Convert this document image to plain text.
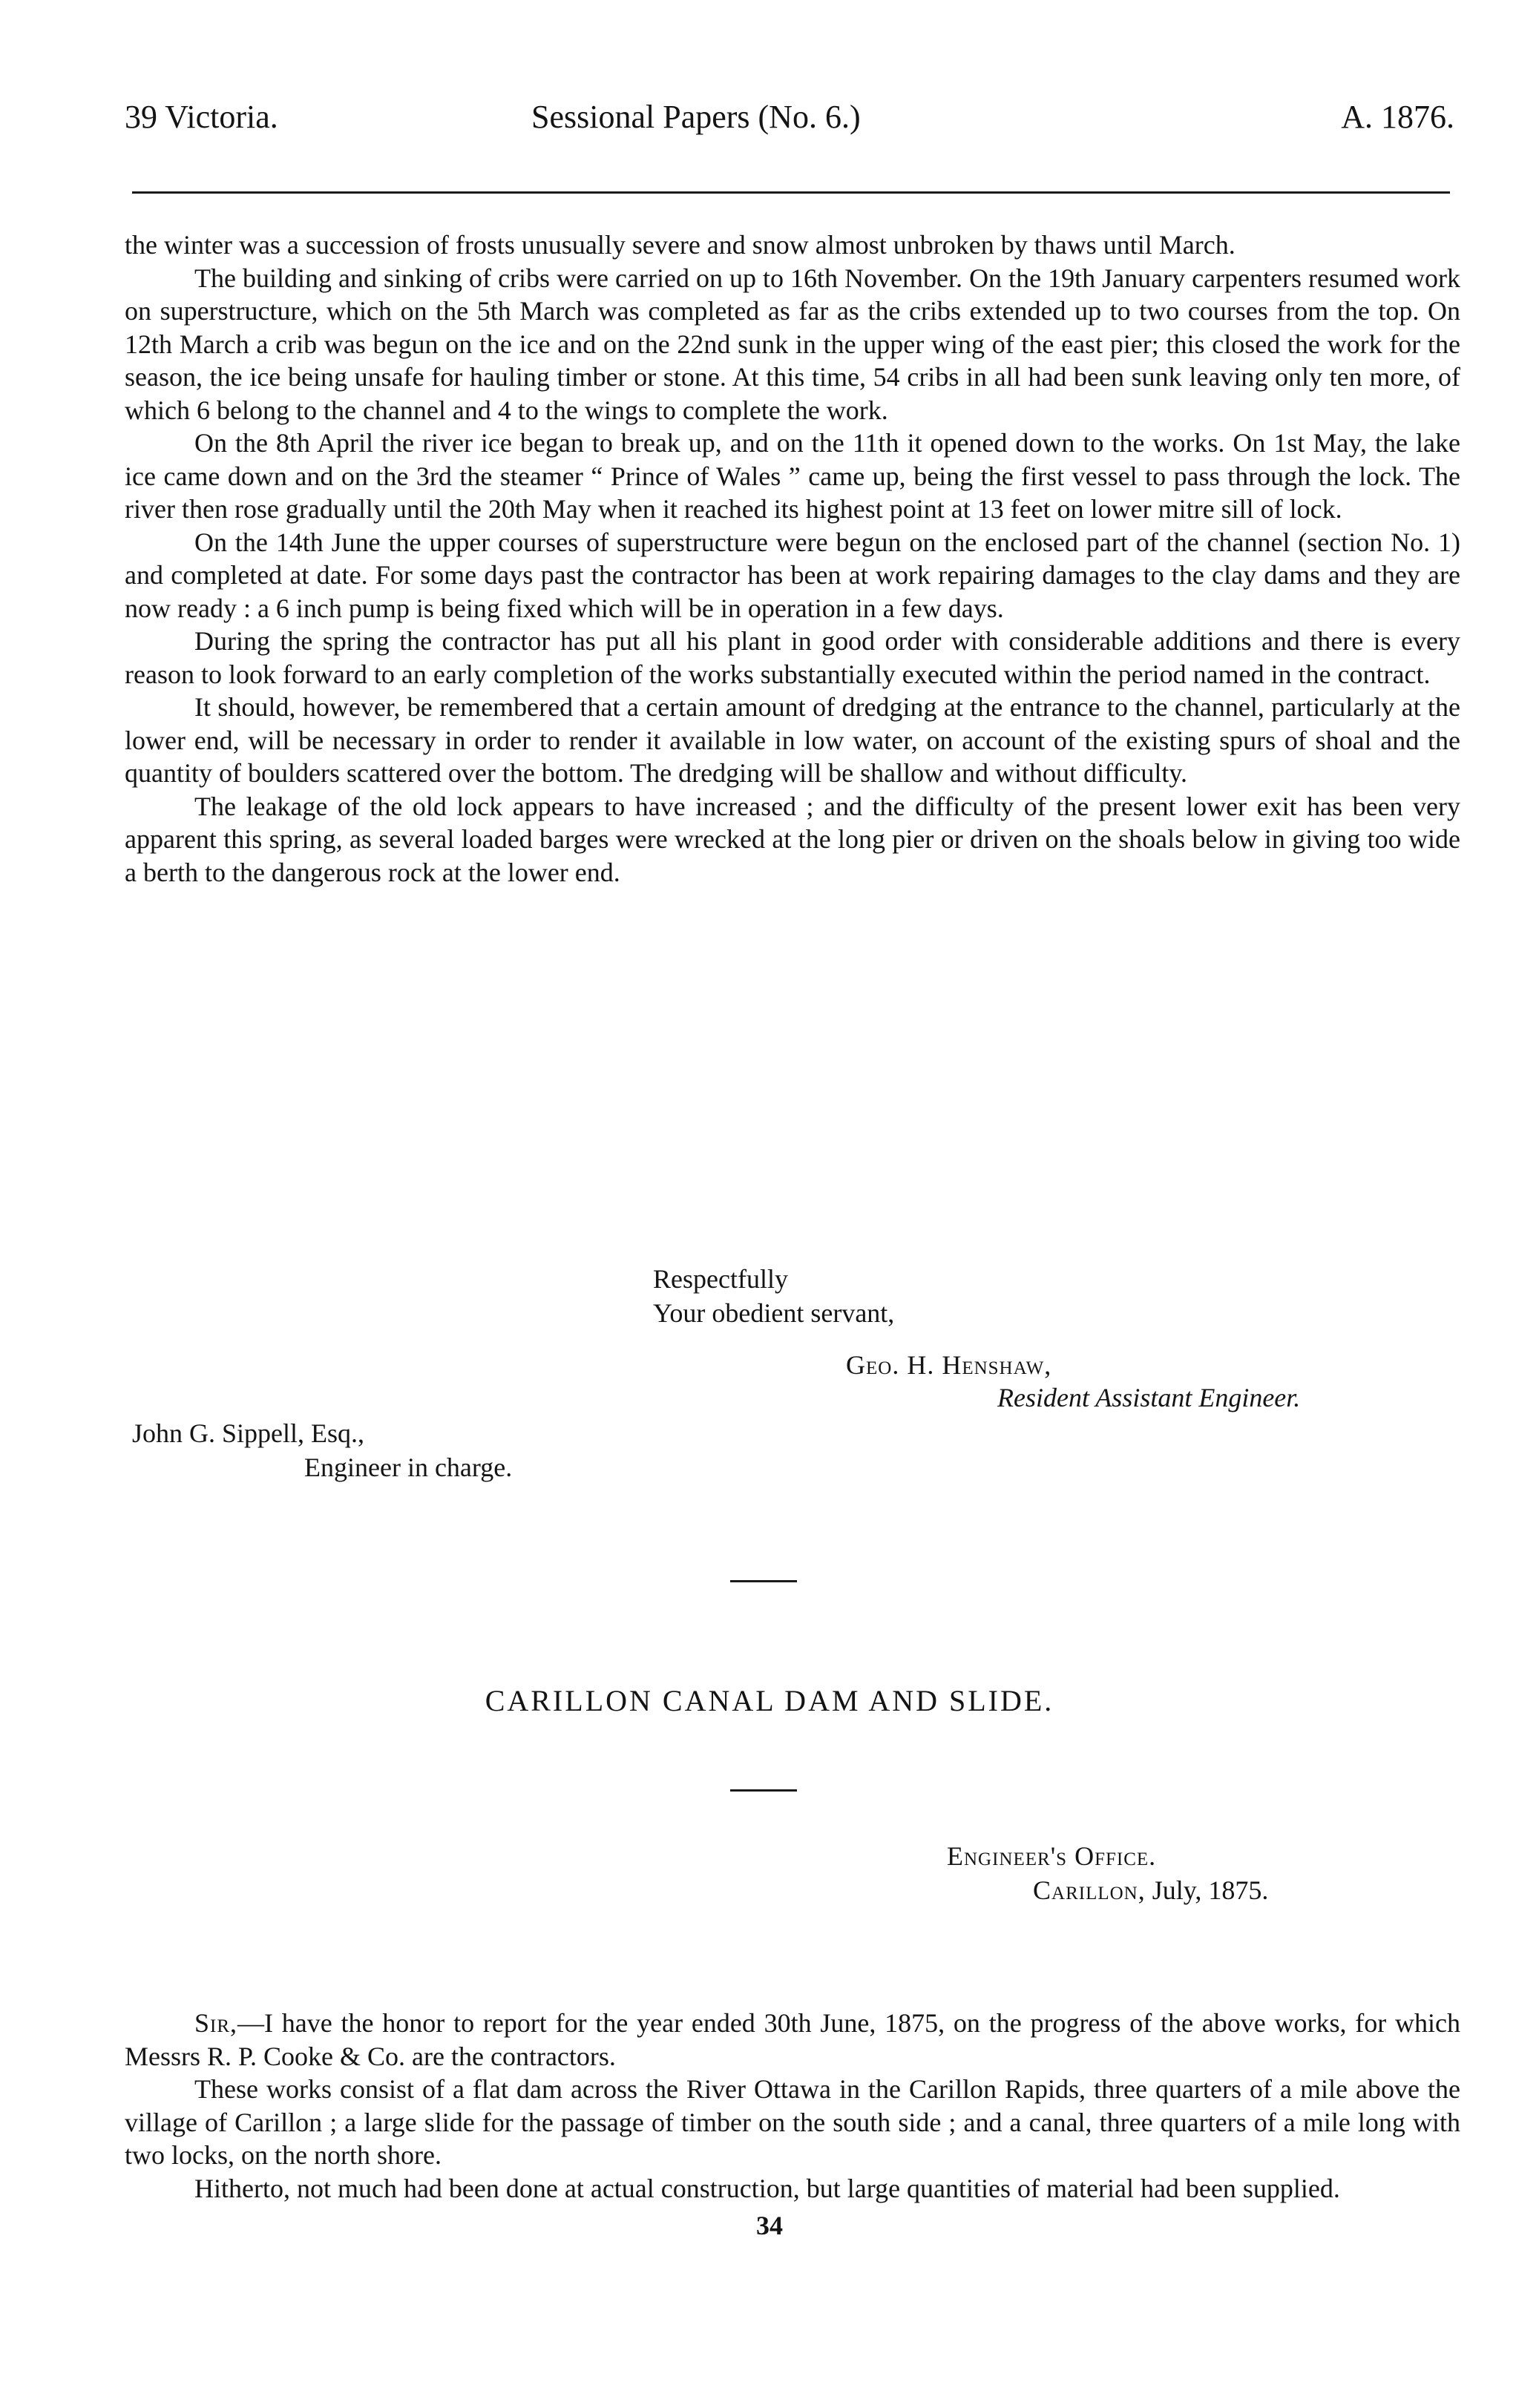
39 Victoria.	Sessional Papers (No. 6.)	A. 1876.

the winter was a succession of frosts unusually severe and snow almost unbroken by thaws until March.

The building and sinking of cribs were carried on up to 16th November. On the 19th January carpenters resumed work on superstructure, which on the 5th March was completed as far as the cribs extended up to two courses from the top. On 12th March a crib was begun on the ice and on the 22nd sunk in the upper wing of the east pier; this closed the work for the season, the ice being unsafe for hauling timber or stone. At this time, 54 cribs in all had been sunk leaving only ten more, of which 6 belong to the channel and 4 to the wings to complete the work.

On the 8th April the river ice began to break up, and on the 11th it opened down to the works. On 1st May, the lake ice came down and on the 3rd the steamer “ Prince of Wales ” came up, being the first vessel to pass through the lock. The river then rose gradually until the 20th May when it reached its highest point at 13 feet on lower mitre sill of lock.

On the 14th June the upper courses of superstructure were begun on the enclosed part of the channel (section No. 1) and completed at date. For some days past the contractor has been at work repairing damages to the clay dams and they are now ready : a 6 inch pump is being fixed which will be in operation in a few days.

During the spring the contractor has put all his plant in good order with considerable additions and there is every reason to look forward to an early completion of the works substantially executed within the period named in the contract.

It should, however, be remembered that a certain amount of dredging at the entrance to the channel, particularly at the lower end, will be necessary in order to render it available in low water, on account of the existing spurs of shoal and the quantity of boulders scattered over the bottom. The dredging will be shallow and without difficulty.

The leakage of the old lock appears to have increased ; and the difficulty of the present lower exit has been very apparent this spring, as several loaded barges were wrecked at the long pier or driven on the shoals below in giving too wide a berth to the dangerous rock at the lower end.

Respectfully
Your obedient servant,
Geo. H. Henshaw,
Resident Assistant Engineer.
John G. Sippell, Esq.,
Engineer in charge.
CARILLON CANAL DAM AND SLIDE.
Engineer's Office.
Carillon, July, 1875.

Sir,—I have the honor to report for the year ended 30th June, 1875, on the progress of the above works, for which Messrs R. P. Cooke & Co. are the contractors.

These works consist of a flat dam across the River Ottawa in the Carillon Rapids, three quarters of a mile above the village of Carillon ; a large slide for the passage of timber on the south side ; and a canal, three quarters of a mile long with two locks, on the north shore.

Hitherto, not much had been done at actual construction, but large quantities of material had been supplied.

34
